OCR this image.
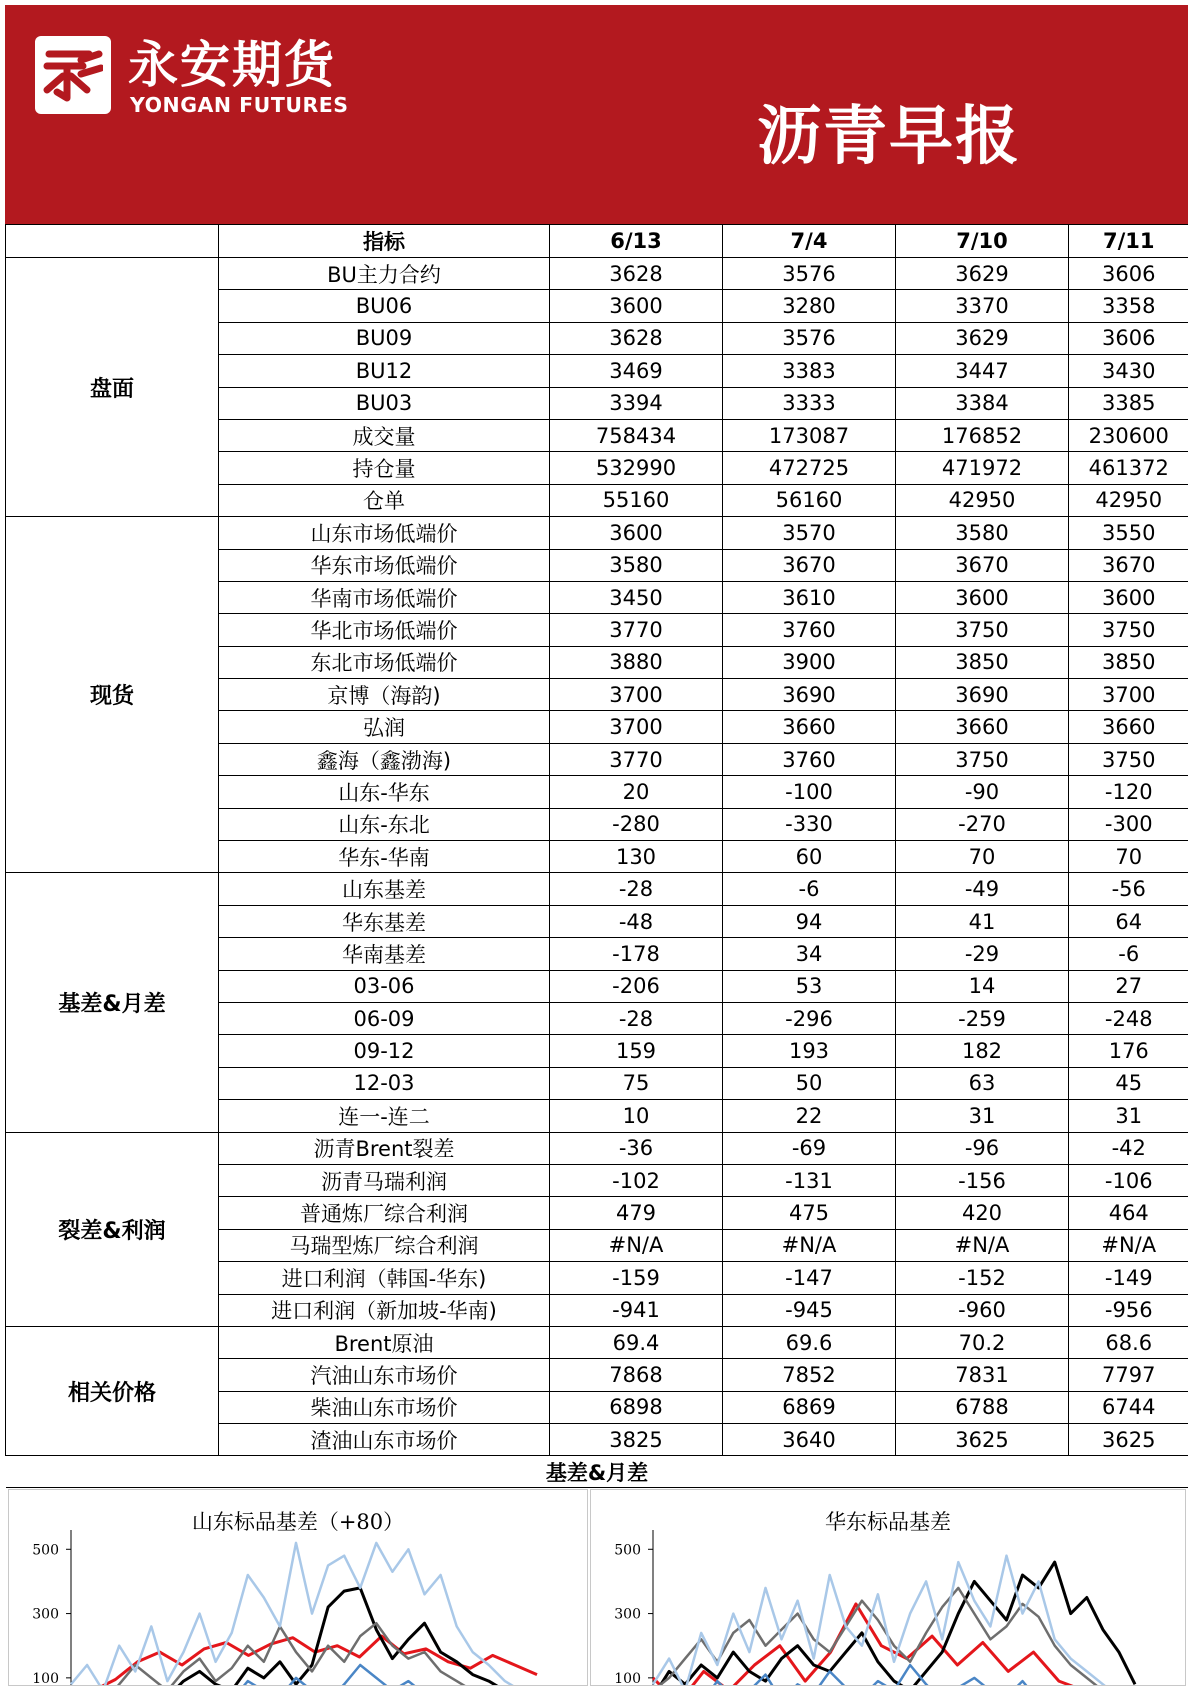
永安期货
YONGAN FUTURES	沥青早报
	指标	6/13	7/4	7/10	7/11
盘面	BU主力合约	3628	3576	3629	3606
	BU06	3600	3280	3370	3358
	BU09	3628	3576	3629	3606
	BU12	3469	3383	3447	3430
	BU03	3394	3333	3384	3385
	成交量	758434	173087	176852	230600
	持仓量	532990	472725	471972	461372
	仓单	55160	56160	42950	42950
现货	山东市场低端价	3600	3570	3580	3550
	华东市场低端价	3580	3670	3670	3670
	华南市场低端价	3450	3610	3600	3600
	华北市场低端价	3770	3760	3750	3750
	东北市场低端价	3880	3900	3850	3850
	京博（海韵)	3700	3690	3690	3700
	弘润	3700	3660	3660	3660
	鑫海（鑫渤海)	3770	3760	3750	3750
	山东-华东	20	-100	-90	-120
	山东-东北	-280	-330	-270	-300
	华东-华南	130	60	70	70
基差&月差	山东基差	-28	-6	-49	-56
	华东基差	-48	94	41	64
	华南基差	-178	34	-29	-6
	03-06	-206	53	14	27
	06-09	-28	-296	-259	-248
	09-12	159	193	182	176
	12-03	75	50	63	45
	连一-连二	10	22	31	31
裂差&利润	沥青Brent裂差	-36	-69	-96	-42
	沥青马瑞利润	-102	-131	-156	-106
	普通炼厂综合利润	479	475	420	464
	马瑞型炼厂综合利润	#N/A	#N/A	#N/A	#N/A
	进口利润（韩国-华东)	-159	-147	-152	-149
	进口利润（新加坡-华南)	-941	-945	-960	-956
相关价格	Brent原油	69.4	69.6	70.2	68.6
	汽油山东市场价	7868	7852	7831	7797
	柴油山东市场价	6898	6869	6788	6744
	渣油山东市场价	3825	3640	3625	3625
基差&月差					
山东标品基差（+80）
500
300
100
华东标品基差
500
300
100
